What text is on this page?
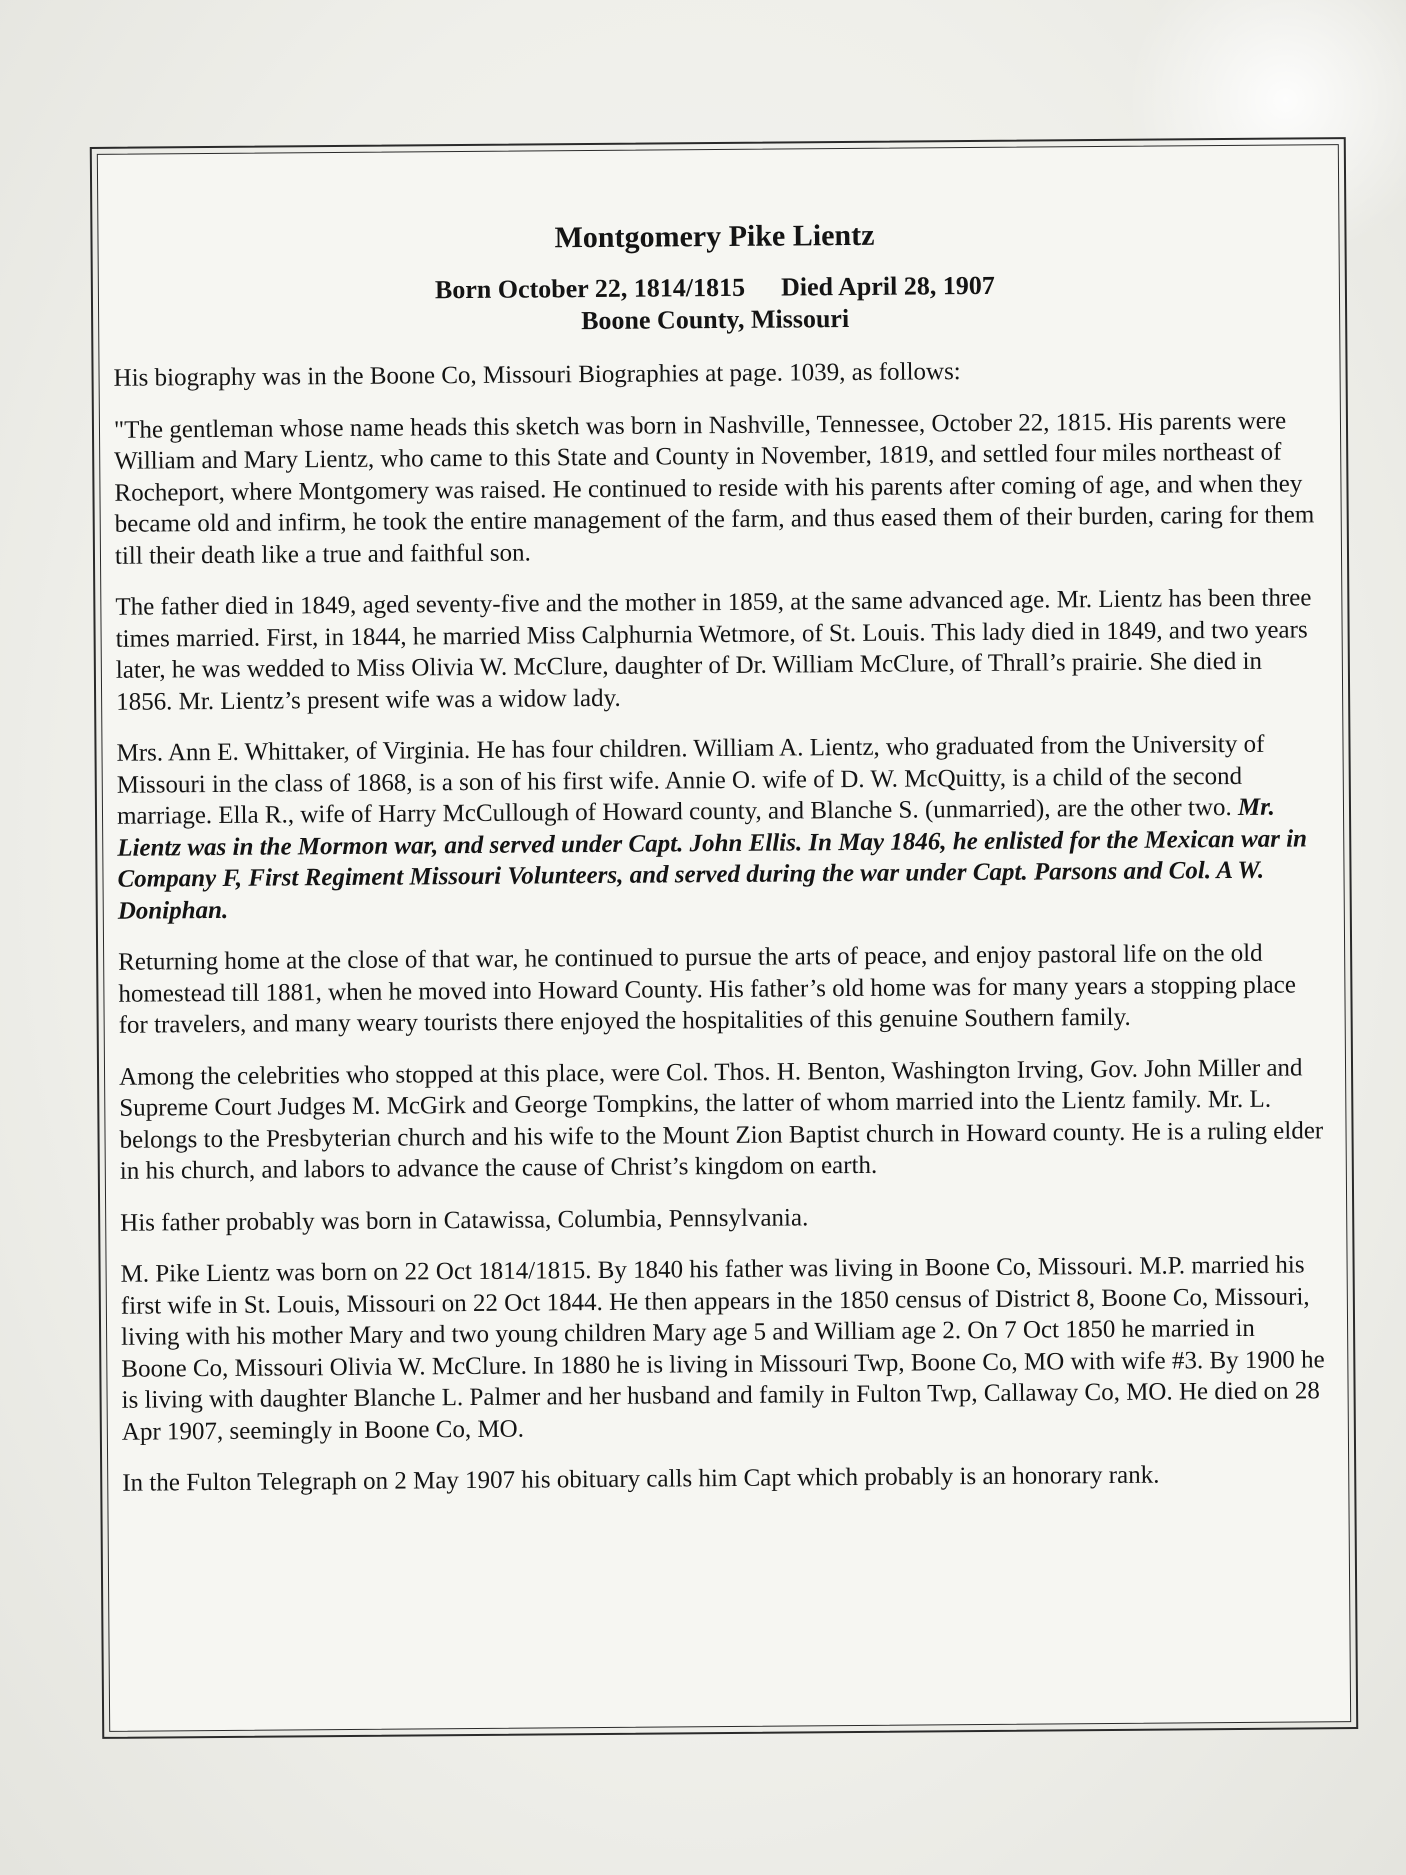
Montgomery Pike Lientz
Born October 22, 1814/1815 Died April 28, 1907
Boone County, Missouri

His biography was in the Boone Co, Missouri Biographies at page. 1039, as follows:

"The gentleman whose name heads this sketch was born in Nashville, Tennessee, October 22, 1815. His parents were William and Mary Lientz, who came to this State and County in November, 1819, and settled four miles northeast of Rocheport, where Montgomery was raised. He continued to reside with his parents after coming of age, and when they became old and infirm, he took the entire management of the farm, and thus eased them of their burden, caring for them till their death like a true and faithful son.

The father died in 1849, aged seventy-five and the mother in 1859, at the same advanced age. Mr. Lientz has been three times married. First, in 1844, he married Miss Calphurnia Wetmore, of St. Louis. This lady died in 1849, and two years later, he was wedded to Miss Olivia W. McClure, daughter of Dr. William McClure, of Thrall’s prairie. She died in 1856. Mr. Lientz’s present wife was a widow lady.

Mrs. Ann E. Whittaker, of Virginia. He has four children. William A. Lientz, who graduated from the University of Missouri in the class of 1868, is a son of his first wife. Annie O. wife of D. W. McQuitty, is a child of the second marriage. Ella R., wife of Harry McCullough of Howard county, and Blanche S. (unmarried), are the other two. Mr. Lientz was in the Mormon war, and served under Capt. John Ellis. In May 1846, he enlisted for the Mexican war in Company F, First Regiment Missouri Volunteers, and served during the war under Capt. Parsons and Col. A W. Doniphan.

Returning home at the close of that war, he continued to pursue the arts of peace, and enjoy pastoral life on the old homestead till 1881, when he moved into Howard County. His father’s old home was for many years a stopping place for travelers, and many weary tourists there enjoyed the hospitalities of this genuine Southern family.

Among the celebrities who stopped at this place, were Col. Thos. H. Benton, Washington Irving, Gov. John Miller and Supreme Court Judges M. McGirk and George Tompkins, the latter of whom married into the Lientz family. Mr. L. belongs to the Presbyterian church and his wife to the Mount Zion Baptist church in Howard county. He is a ruling elder in his church, and labors to advance the cause of Christ’s kingdom on earth.

His father probably was born in Catawissa, Columbia, Pennsylvania.

M. Pike Lientz was born on 22 Oct 1814/1815. By 1840 his father was living in Boone Co, Missouri. M.P. married his first wife in St. Louis, Missouri on 22 Oct 1844. He then appears in the 1850 census of District 8, Boone Co, Missouri, living with his mother Mary and two young children Mary age 5 and William age 2. On 7 Oct 1850 he married in Boone Co, Missouri Olivia W. McClure. In 1880 he is living in Missouri Twp, Boone Co, MO with wife #3. By 1900 he is living with daughter Blanche L. Palmer and her husband and family in Fulton Twp, Callaway Co, MO. He died on 28 Apr 1907, seemingly in Boone Co, MO.

In the Fulton Telegraph on 2 May 1907 his obituary calls him Capt which probably is an honorary rank.
